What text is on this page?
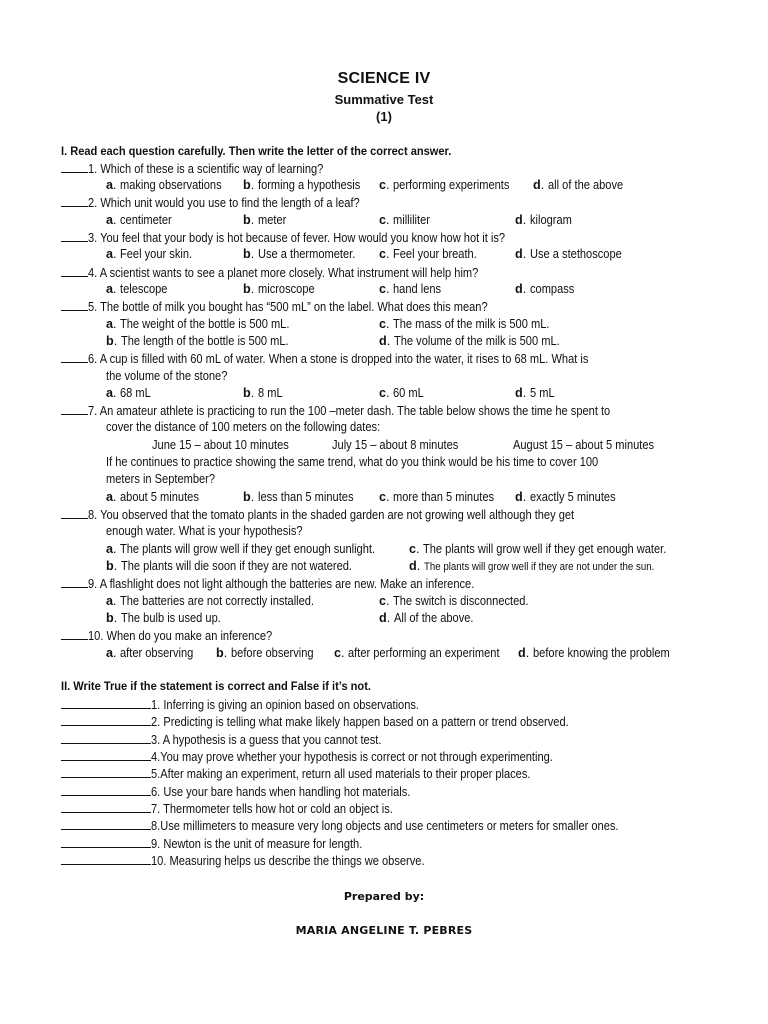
SCIENCE IV
Summative Test
(1)
I. Read each question carefully. Then write the letter of the correct answer.
1. Which of these is a scientific way of learning?
a. making observations	b. forming a hypothesis	c. performing experiments	d. all of the above
2. Which unit would you use to find the length of a leaf?
a. centimeter	b. meter	c. milliliter	d. kilogram
3. You feel that your body is hot because of fever. How would you know how hot it is?
a. Feel your skin.	b. Use a thermometer.	c. Feel your breath.	d. Use a stethoscope
4. A scientist wants to see a planet more closely. What instrument will help him?
a. telescope	b. microscope	c. hand lens	d. compass
5. The bottle of milk you bought has “500 mL” on the label. What does this mean?
a. The weight of the bottle is 500 mL.	c. The mass of the milk is 500 mL.
b. The length of the bottle is 500 mL.	d. The volume of the milk is 500 mL.
6. A cup is filled with 60 mL of water. When a stone is dropped into the water, it rises to 68 mL. What is
the volume of the stone?
a. 68 mL	b. 8 mL	c. 60 mL	d. 5 mL
7. An amateur athlete is practicing to run the 100 –meter dash. The table below shows the time he spent to
cover the distance of 100 meters on the following dates:
June 15 – about 10 minutes	July 15 – about 8 minutes	August 15 – about 5 minutes
If he continues to practice showing the same trend, what do you think would be his time to cover 100
meters in September?
a. about 5 minutes	b. less than 5 minutes	c. more than 5 minutes	d. exactly 5 minutes
8. You observed that the tomato plants in the shaded garden are not growing well although they get
enough water. What is your hypothesis?
a. The plants will grow well if they get enough sunlight.	c. The plants will grow well if they get enough water.
b. The plants will die soon if they are not watered.	d. The plants will grow well if they are not under the sun.
9. A flashlight does not light although the batteries are new. Make an inference.
a. The batteries are not correctly installed.	c. The switch is disconnected.
b. The bulb is used up.	d. All of the above.
10. When do you make an inference?
a. after observing	b. before observing	c. after performing an experiment	d. before knowing the problem
II. Write True if the statement is correct and False if it’s not.
1. Inferring is giving an opinion based on observations.
2. Predicting is telling what make likely happen based on a pattern or trend observed.
3. A hypothesis is a guess that you cannot test.
4.You may prove whether your hypothesis is correct or not through experimenting.
5.After making an experiment, return all used materials to their proper places.
6. Use your bare hands when handling hot materials.
7. Thermometer tells how hot or cold an object is.
8.Use millimeters to measure very long objects and use centimeters or meters for smaller ones.
9. Newton is the unit of measure for length.
10. Measuring helps us describe the things we observe.
Prepared by:
MARIA ANGELINE T. PEBRES
